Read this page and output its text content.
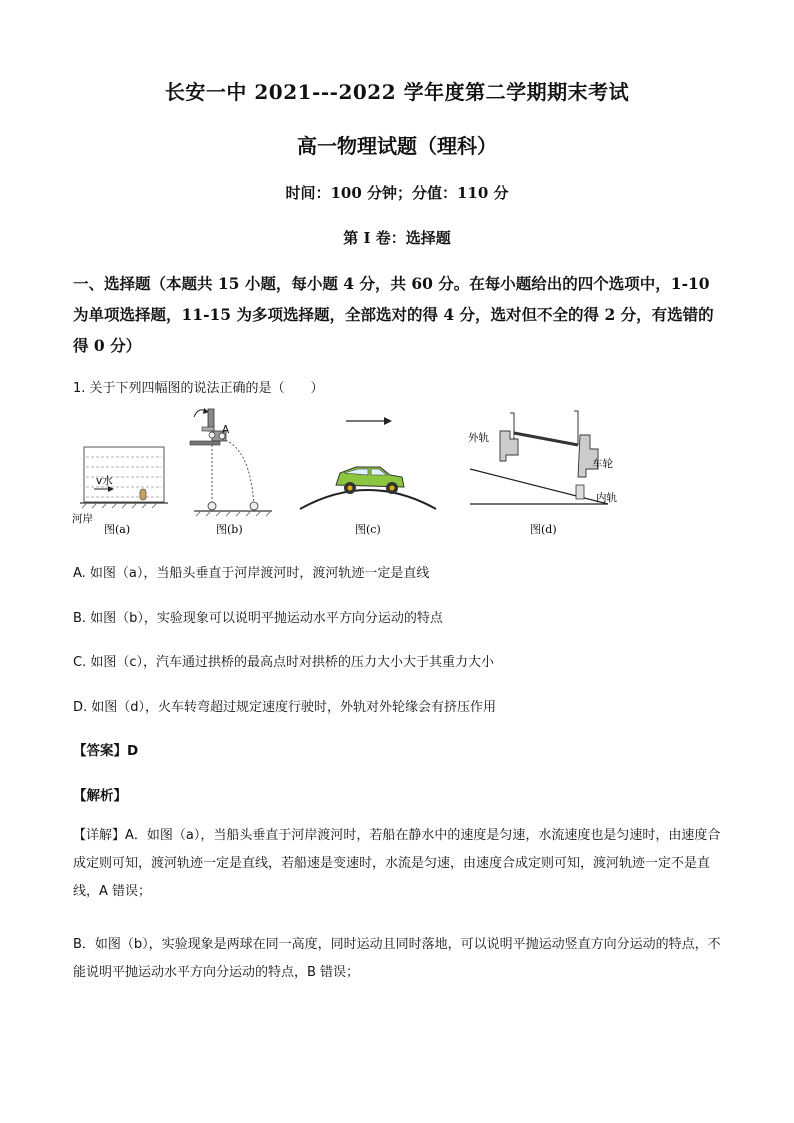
长安一中 2021---2022 学年度第二学期期末考试
高一物理试题（理科）
时间：100 分钟；分值：110 分
第 I 卷：选择题
一、选择题（本题共 15 小题，每小题 4 分，共 60 分。在每小题给出的四个选项中，1-10 为单项选择题，11-15 为多项选择题，全部选对的得 4 分，选对但不全的得 2 分，有选错的得 0 分）
1. 关于下列四幅图的说法正确的是（　　）
v水
河岸
图(a)
A
图(b)	图(c)
外轨
车轮
内轨
图(d)
A. 如图（a），当船头垂直于河岸渡河时，渡河轨迹一定是直线
B. 如图（b），实验现象可以说明平抛运动水平方向分运动的特点
C. 如图（c），汽车通过拱桥的最高点时对拱桥的压力大小大于其重力大小
D. 如图（d），火车转弯超过规定速度行驶时，外轨对外轮缘会有挤压作用
【答案】D
【解析】
【详解】A．如图（a），当船头垂直于河岸渡河时，若船在静水中的速度是匀速，水流速度也是匀速时，由速度合成定则可知，渡河轨迹一定是直线，若船速是变速时，水流是匀速，由速度合成定则可知，渡河轨迹一定不是直线，A 错误；
B．如图（b），实验现象是两球在同一高度，同时运动且同时落地，可以说明平抛运动竖直方向分运动的特点，不能说明平抛运动水平方向分运动的特点，B 错误；
